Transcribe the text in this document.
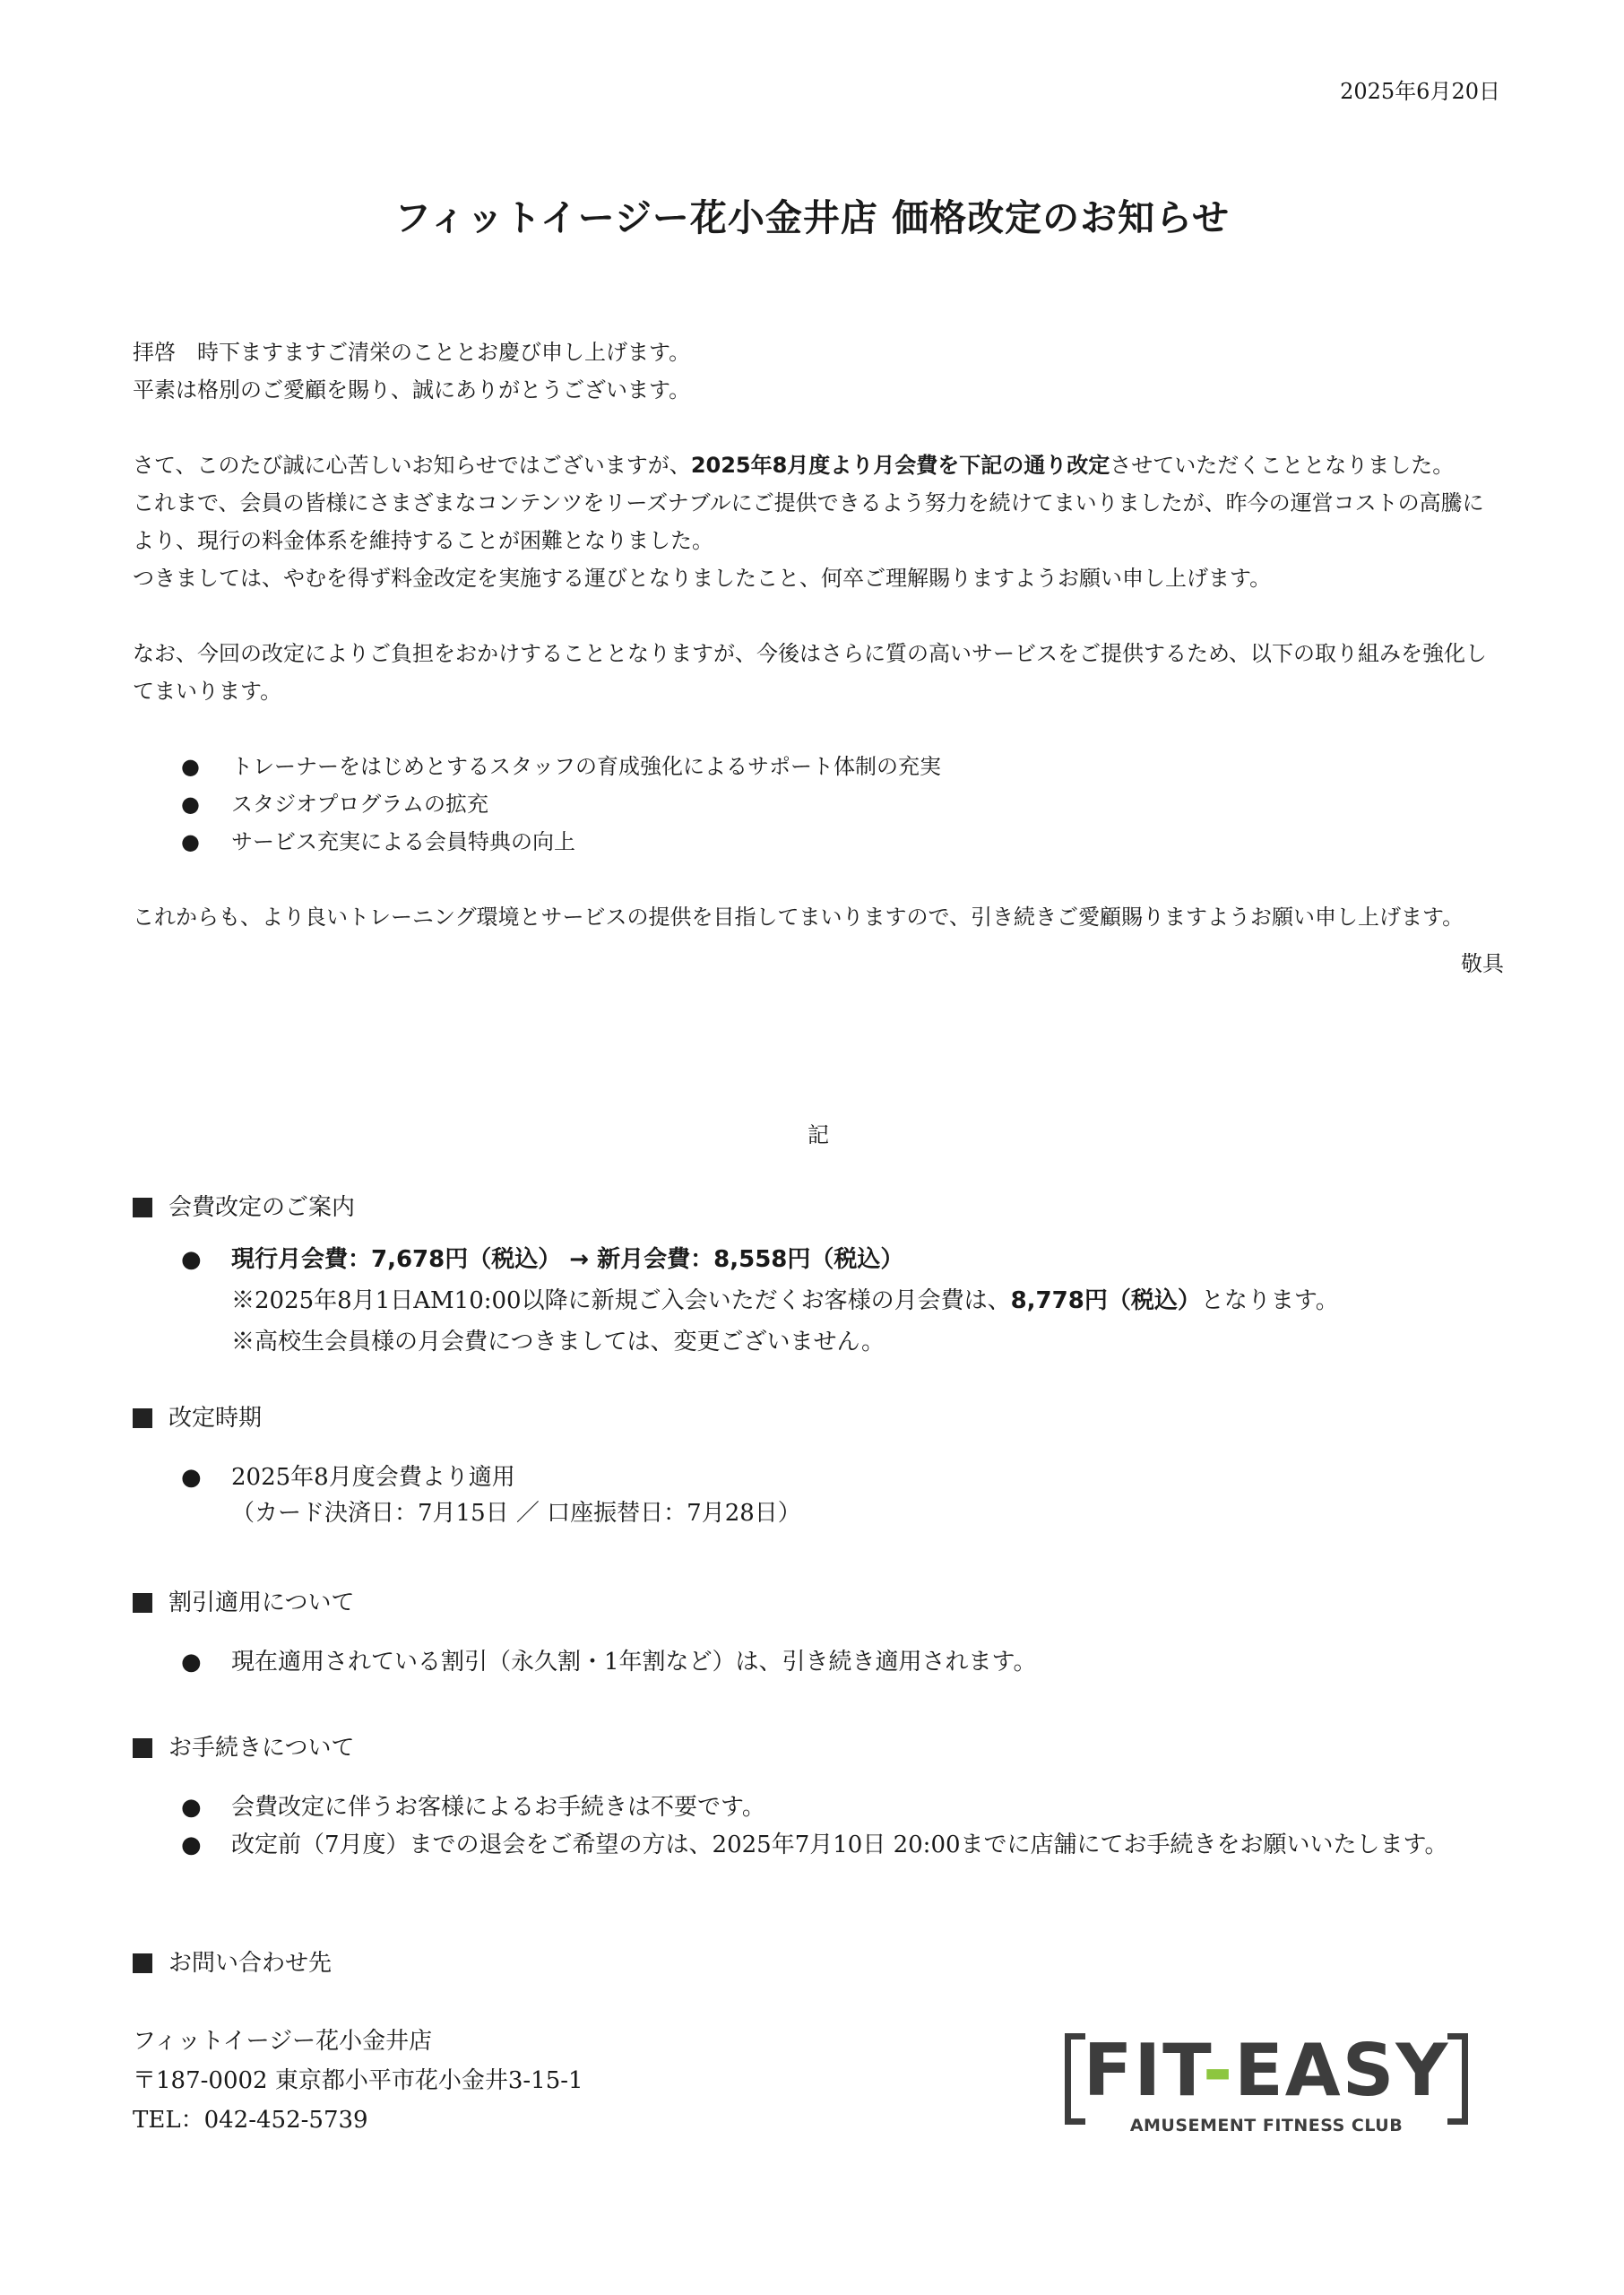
2025年6月20日
フィットイージー花小金井店 価格改定のお知らせ

拝啓　時下ますますご清栄のこととお慶び申し上げます。

平素は格別のご愛顧を賜り、誠にありがとうございます。

さて、このたび誠に心苦しいお知らせではございますが、2025年8月度より月会費を下記の通り改定させていただくこととなりました。

これまで、会員の皆様にさまざまなコンテンツをリーズナブルにご提供できるよう努力を続けてまいりましたが、昨今の運営コストの高騰により、現行の料金体系を維持することが困難となりました。

つきましては、やむを得ず料金改定を実施する運びとなりましたこと、何卒ご理解賜りますようお願い申し上げます。

なお、今回の改定によりご負担をおかけすることとなりますが、今後はさらに質の高いサービスをご提供するため、以下の取り組みを強化してまいります。

● トレーナーをはじめとするスタッフの育成強化によるサポート体制の充実
● スタジオプログラムの拡充
● サービス充実による会員特典の向上

これからも、より良いトレーニング環境とサービスの提供を目指してまいりますので、引き続きご愛顧賜りますようお願い申し上げます。

敬具

記
会費改定のご案内
● 現行月会費：7,678円（税込） → 新月会費：8,558円（税込）
※2025年8月1日AM10:00以降に新規ご入会いただくお客様の月会費は、8,778円（税込）となります。
※高校生会員様の月会費につきましては、変更ございません。
改定時期
● 2025年8月度会費より適用
（カード決済日：7月15日 ／ 口座振替日：7月28日）
割引適用について
● 現在適用されている割引（永久割・1年割など）は、引き続き適用されます。
お手続きについて
● 会費改定に伴うお客様によるお手続きは不要です。
● 改定前（7月度）までの退会をご希望の方は、2025年7月10日 20:00までに店舗にてお手続きをお願いいたします。
お問い合わせ先
フィットイージー花小金井店
〒187-0002 東京都小平市花小金井3-15-1
TEL：042-452-5739
FIT-EASY
AMUSEMENT FITNESS CLUB
